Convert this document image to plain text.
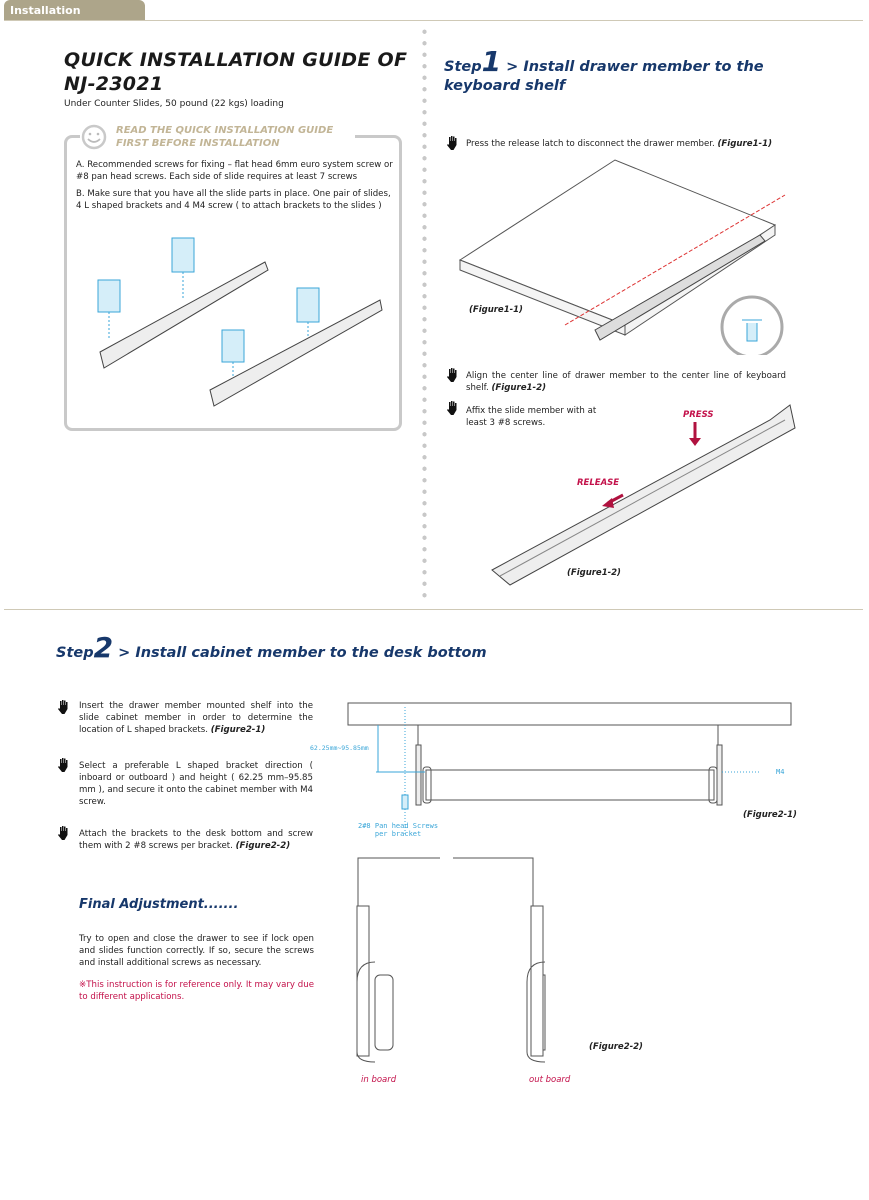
Installation Instructions
QUICK INSTALLATION GUIDE OF
NJ-23021
Under Counter Slides, 50 pound (22 kgs) loading
READ THE QUICK INSTALLATION GUIDE
FIRST BEFORE INSTALLATION
A. Recommended screws for fixing – flat head 6mm euro system screw or #8 pan head screws. Each side of slide requires at least 7 screws
B. Make sure that you have all the slide parts in place. One pair of slides, 4 L shaped brackets and 4 M4 screw ( to attach brackets to the slides )
Step1 > Install drawer member to the keyboard shelf
Press the release latch to disconnect the drawer member. (Figure1-1)
(Figure1-1)
Align the center line of drawer member to the center line of keyboard shelf. (Figure1-2)
Affix the slide member with at least 3 #8 screws.
PRESS
RELEASE
(Figure1-2)
Step2 > Install cabinet member to the desk bottom
Insert the drawer member mounted shelf into the slide cabinet member in order to determine the location of L shaped brackets. (Figure2-1)
Select a preferable L shaped bracket direction ( inboard or outboard ) and height ( 62.25 mm–95.85 mm ), and secure it onto the cabinet member with M4 screw.
Attach the brackets to the desk bottom and screw them with 2 #8 screws per bracket. (Figure2-2)
Final Adjustment.......
Try to open and close the drawer to see if lock open and slides function correctly. If so, secure the screws and install additional screws as necessary.
※This instruction is for reference only. It may vary due to different applications.
62.25mm~95.85mm
M4
2#8 Pan head Screws
per bracket
(Figure2-1)
(Figure2-2)
in board	out board
